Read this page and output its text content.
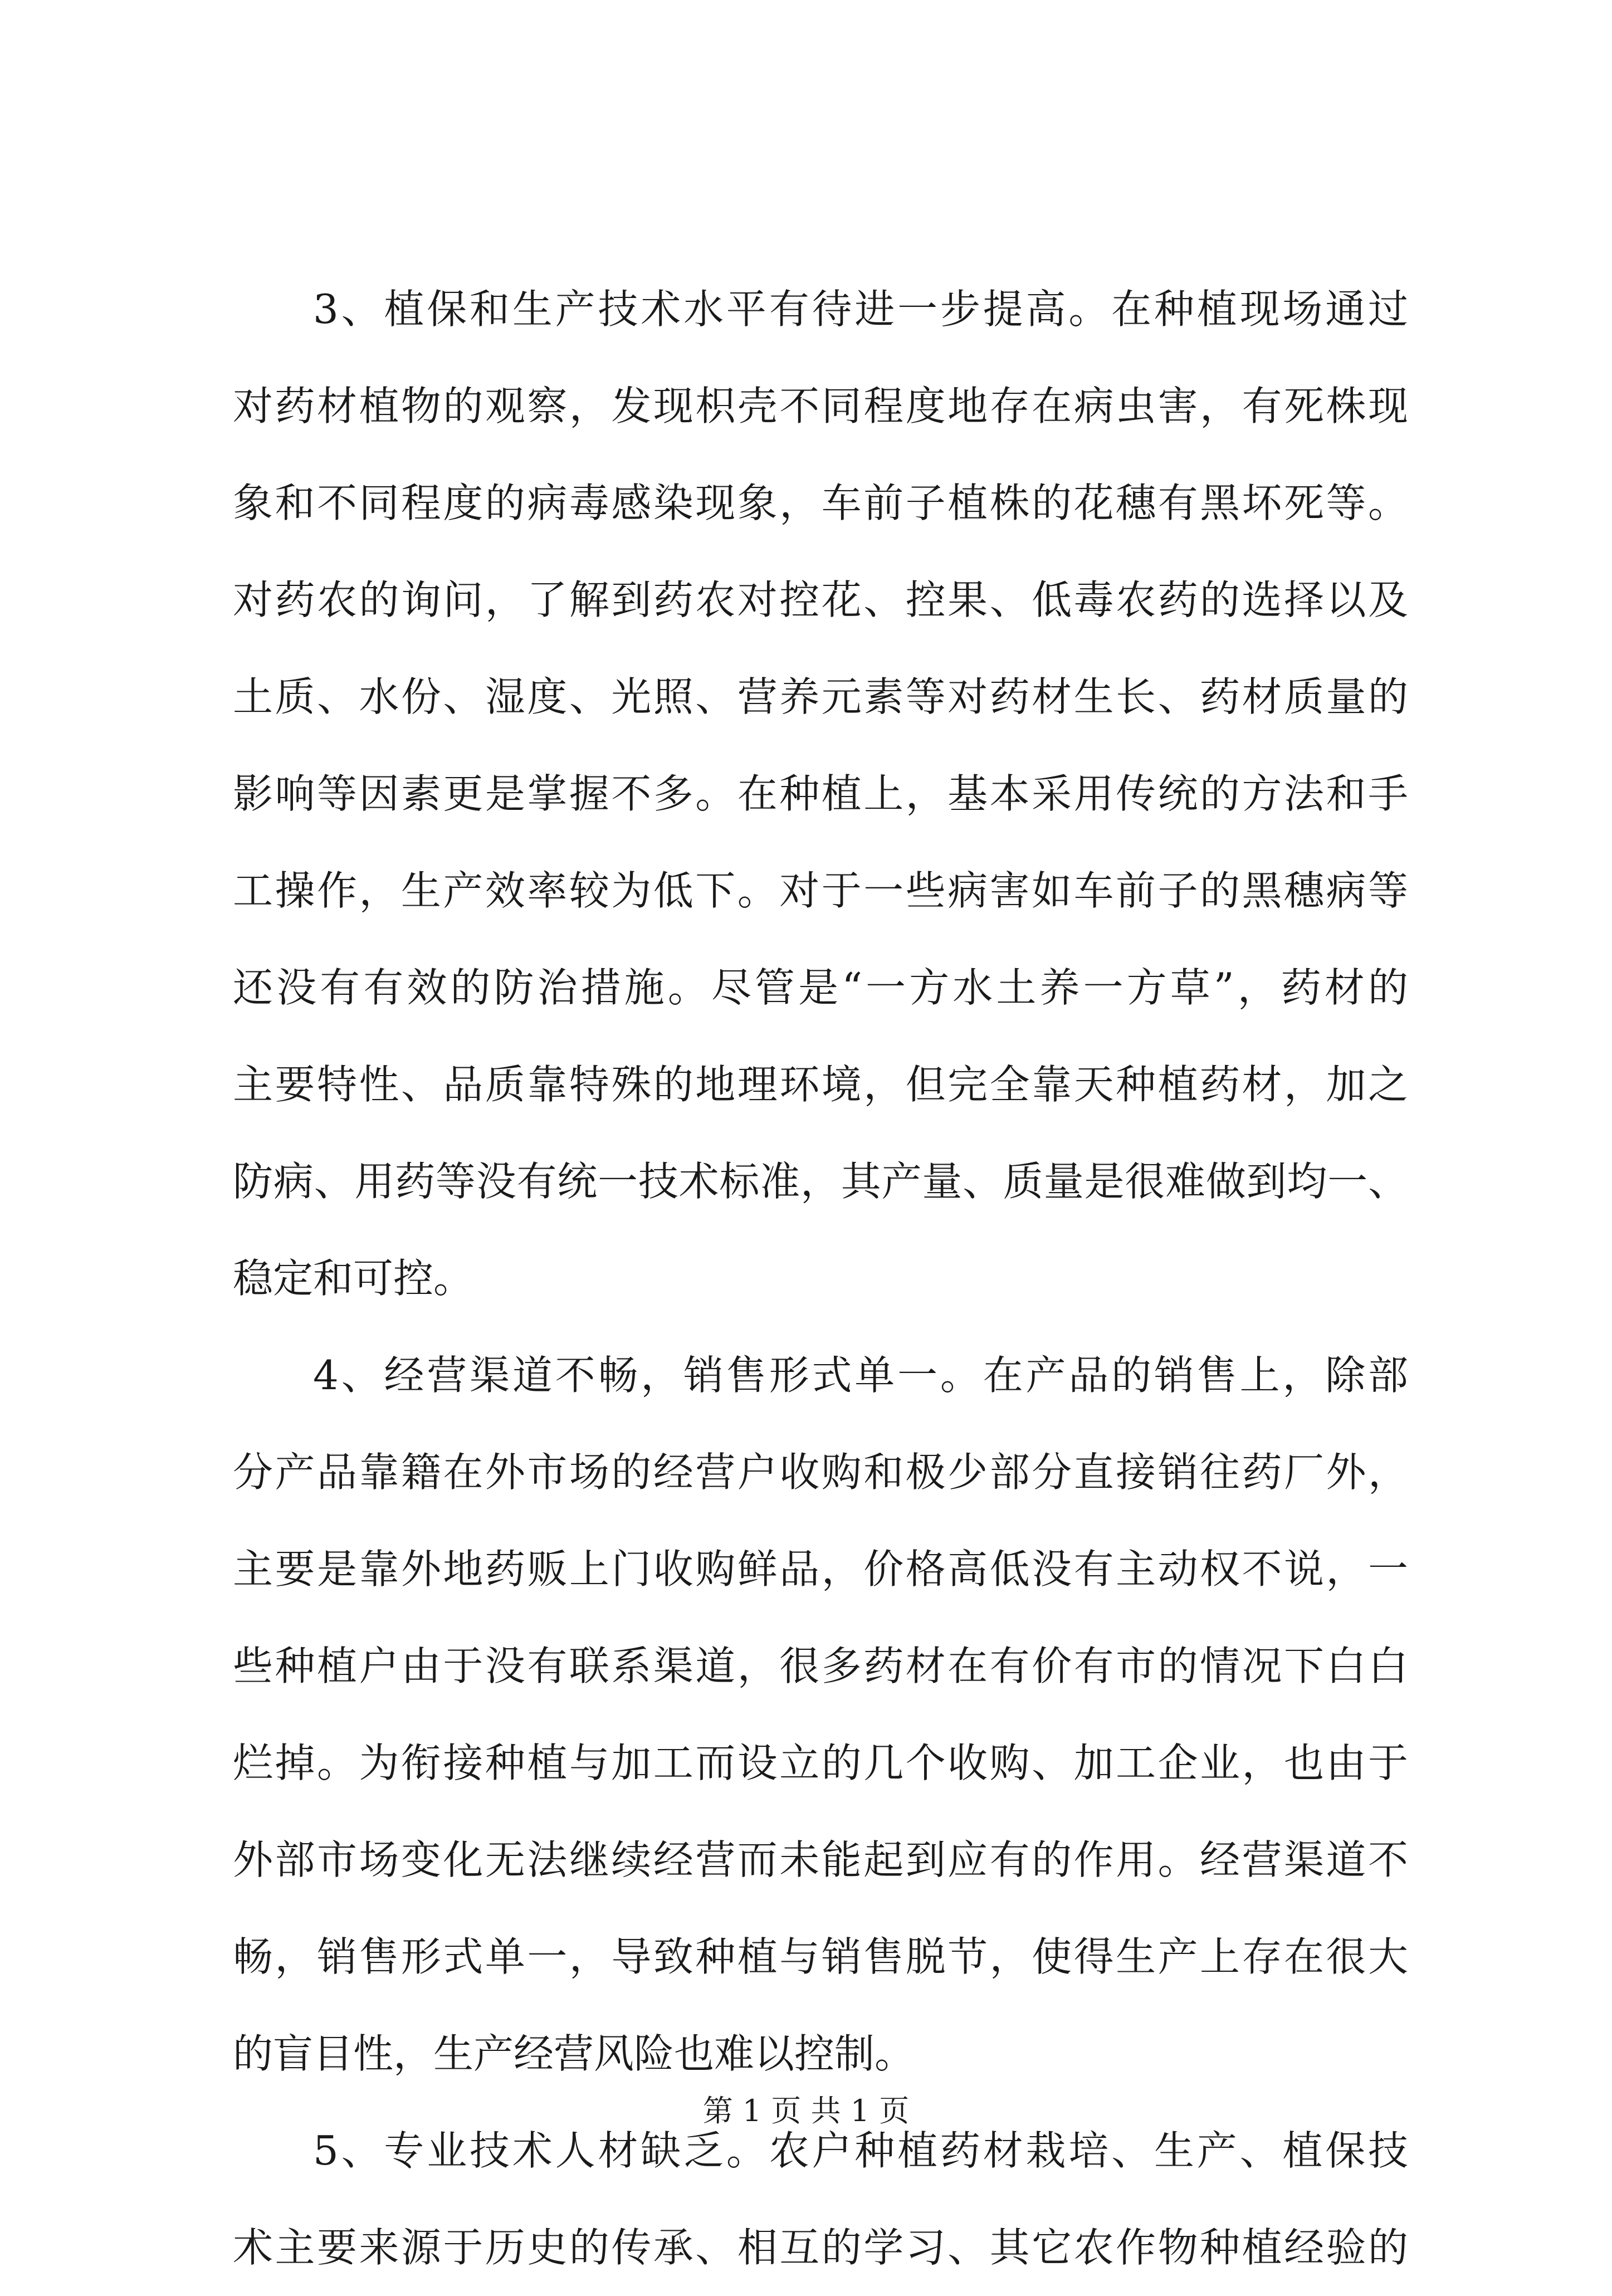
3、植保和生产技术水平有待进一步提高。在种植现场通过
对药材植物的观察，发现枳壳不同程度地存在病虫害，有死株现
象和不同程度的病毒感染现象，车前子植株的花穗有黑坏死等。
对药农的询问，了解到药农对控花、控果、低毒农药的选择以及
土质、水份、湿度、光照、营养元素等对药材生长、药材质量的
影响等因素更是掌握不多。在种植上，基本采用传统的方法和手
工操作，生产效率较为低下。对于一些病害如车前子的黑穗病等
还没有有效的防治措施。尽管是“一方水土养一方草”，药材的
主要特性、品质靠特殊的地理环境，但完全靠天种植药材，加之
防病、用药等没有统一技术标准，其产量、质量是很难做到均一、
稳定和可控。

4、经营渠道不畅，销售形式单一。在产品的销售上，除部
分产品靠籍在外市场的经营户收购和极少部分直接销往药厂外，
主要是靠外地药贩上门收购鲜品，价格高低没有主动权不说，一
些种植户由于没有联系渠道，很多药材在有价有市的情况下白白
烂掉。为衔接种植与加工而设立的几个收购、加工企业，也由于
外部市场变化无法继续经营而未能起到应有的作用。经营渠道不
畅，销售形式单一，导致种植与销售脱节，使得生产上存在很大
的盲目性，生产经营风险也难以控制。

5、专业技术人材缺乏。农户种植药材栽培、生产、植保技
术主要来源于历史的传承、相互的学习、其它农作物种植经验的

第 1 页 共 1 页
